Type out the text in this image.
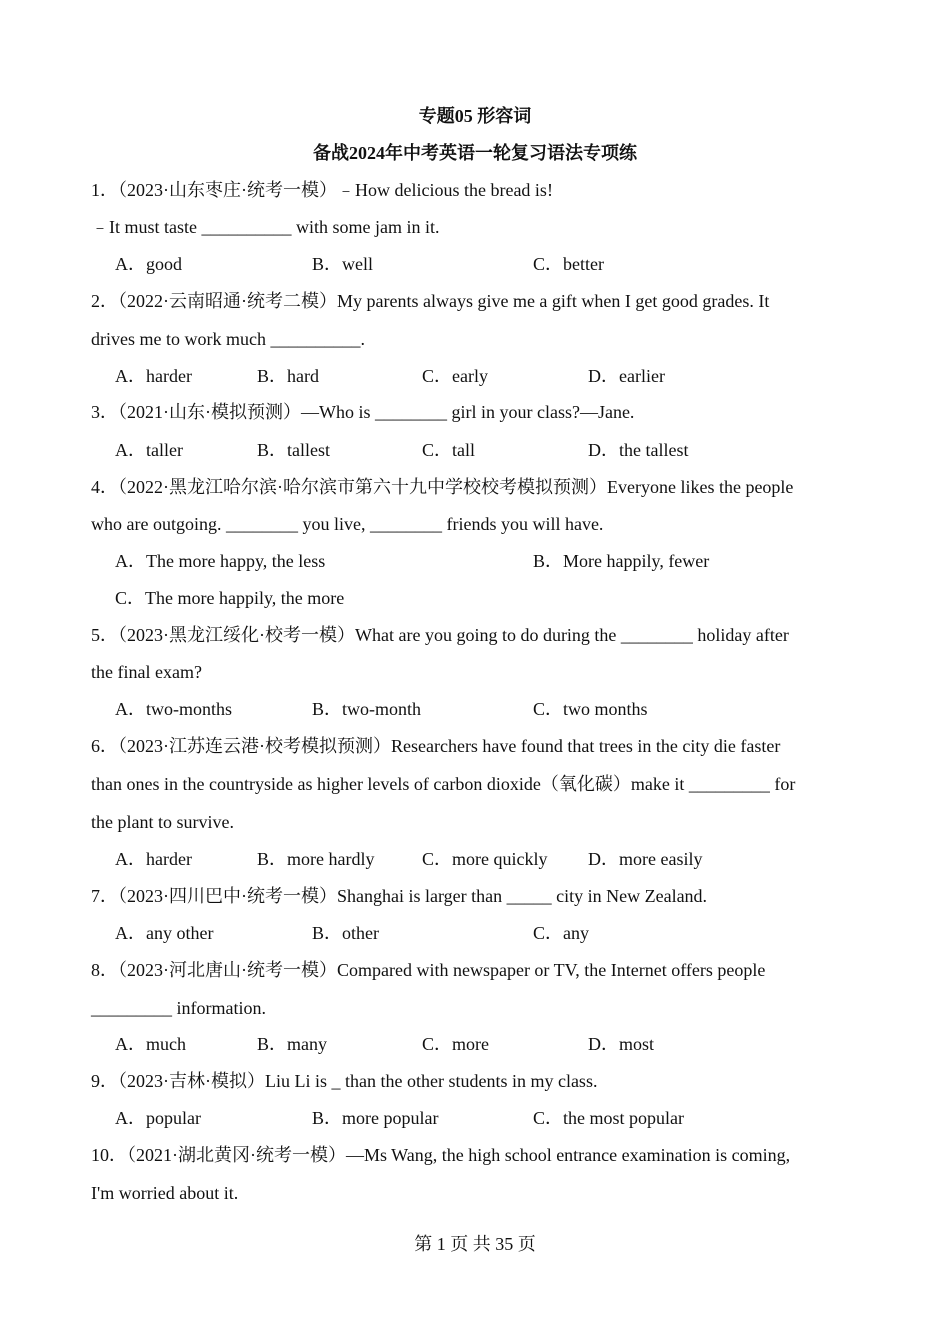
专题05 形容词
备战2024年中考英语一轮复习语法专项练
1．（2023·山东枣庄·统考一模）﹣How delicious the bread is!
﹣It must taste __________ with some jam in it.
A．good	B．well	C．better
2．（2022·云南昭通·统考二模）My parents always give me a gift when I get good grades. It
drives me to work much __________.
A．harder	B．hard	C．early	D．earlier
3．（2021·山东·模拟预测）—Who is ________ girl in your class?—Jane.
A．taller	B．tallest	C．tall	D．the tallest
4．（2022·黑龙江哈尔滨·哈尔滨市第六十九中学校校考模拟预测）Everyone likes the people
who are outgoing. ________ you live, ________ friends you will have.
A．The more happy, the less	B．More happily, fewer
C．The more happily, the more
5．（2023·黑龙江绥化·校考一模）What are you going to do during the ________ holiday after
the final exam?
A．two-months	B．two-month	C．two months
6．（2023·江苏连云港·校考模拟预测）Researchers have found that trees in the city die faster
than ones in the countryside as higher levels of carbon dioxide（氧化碳）make it _________ for
the plant to survive.
A．harder	B．more hardly	C．more quickly D．more easily
7．（2023·四川巴中·统考一模）Shanghai is larger than _____ city in New Zealand.
A．any other	B．other	C．any
8．（2023·河北唐山·统考一模）Compared with newspaper or TV, the Internet offers people
_________ information.
A．much	B．many	C．more	D．most
9．（2023·吉林·模拟）Liu Li is _ than the other students in my class.
A．popular	B．more popular	C．the most popular
10．（2021·湖北黄冈·统考一模）—Ms Wang, the high school entrance examination is coming,
I'm worried about it.
第 1 页 共 35 页
